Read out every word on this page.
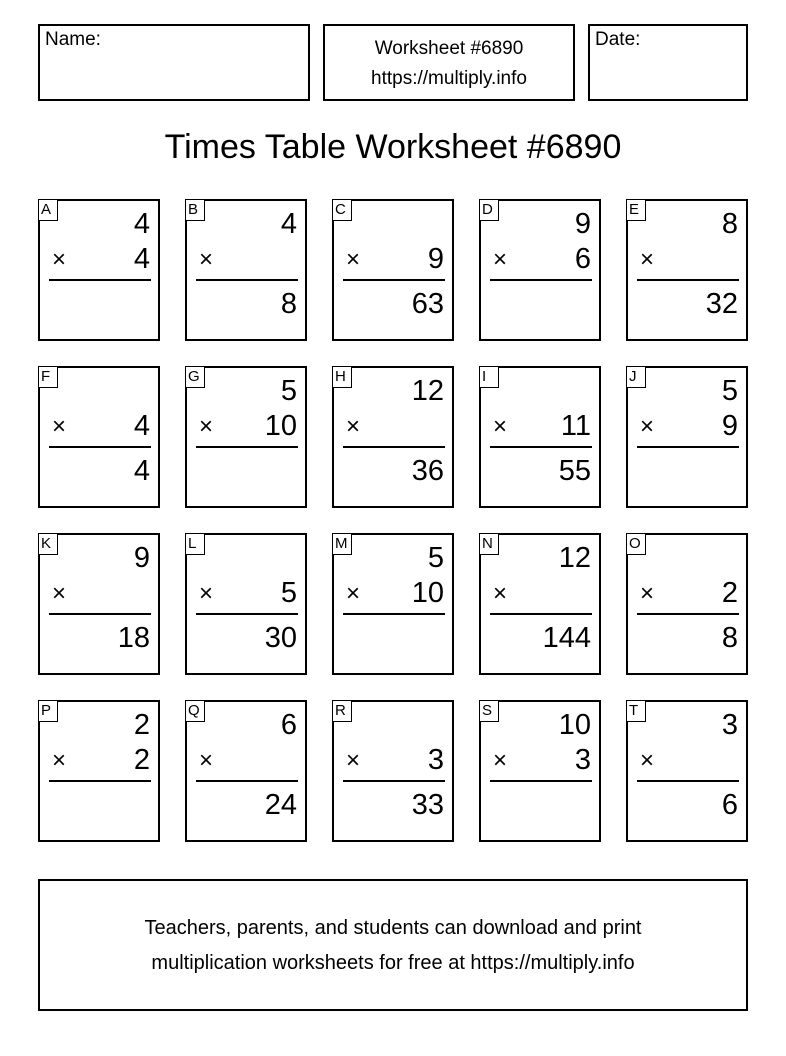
Name:	Worksheet #6890
https://multiply.info
Date:
Times Table Worksheet #6890
A	4
× 4
B	4
×
8
C
× 9
63
D	9
× 6
E	8
×
32
F
× 4
4
G	5
× 10
H 12
×
36
I
× 11
55
J	5
× 9
K	9
×
18
L
× 5
30
M	5
× 10
N 12
×
144
O
× 2
8
P	2
× 2
Q	6
×
24
R
× 3
33
S 10
× 3
T	3
×
6
Teachers, parents, and students can download and print
multiplication worksheets for free at https://multiply.info
